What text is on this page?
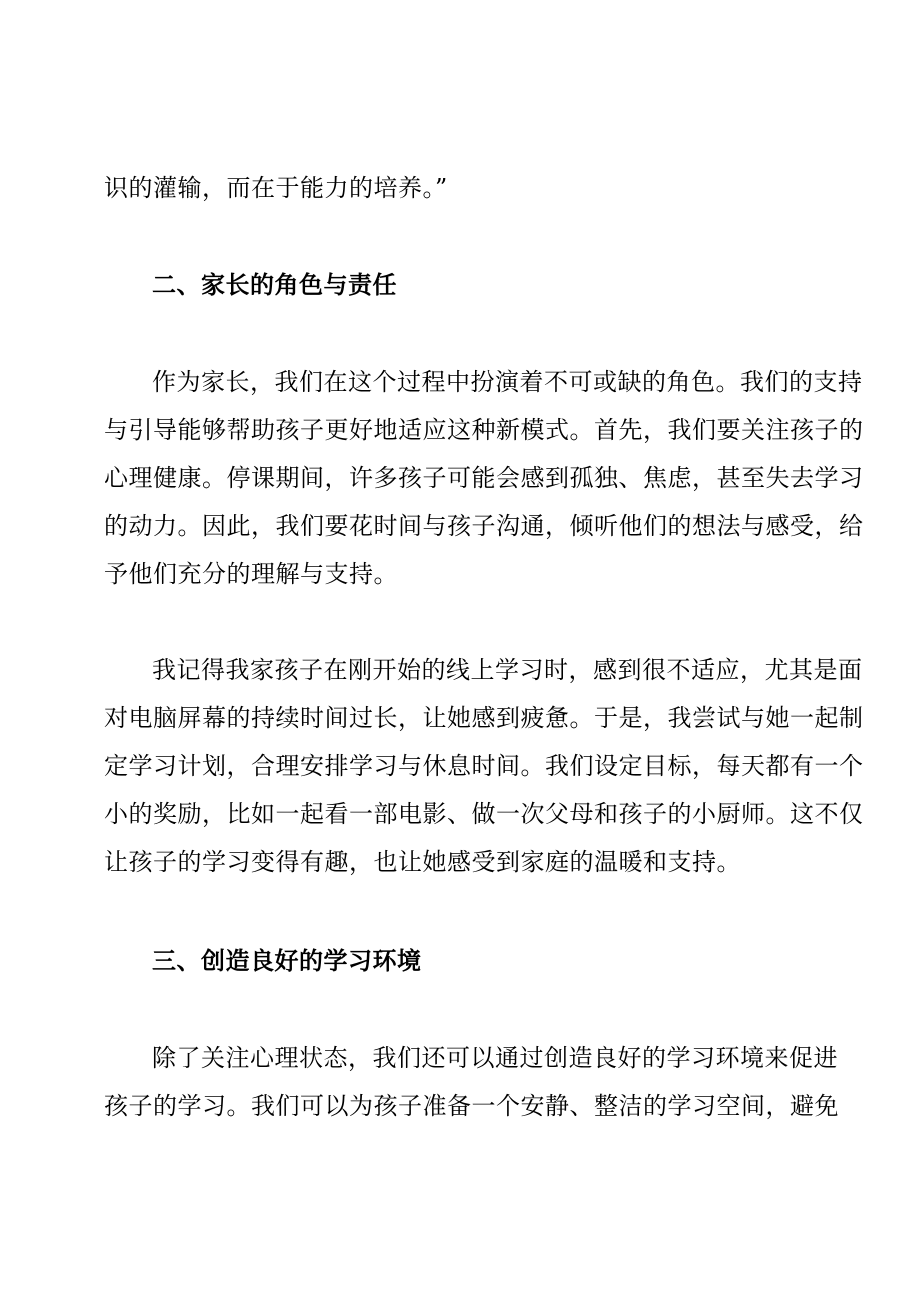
识的灌输，而在于能力的培养。”
二、家长的角色与责任
作为家长，我们在这个过程中扮演着不可或缺的角色。我们的支持
与引导能够帮助孩子更好地适应这种新模式。首先，我们要关注孩子的
心理健康。停课期间，许多孩子可能会感到孤独、焦虑，甚至失去学习
的动力。因此，我们要花时间与孩子沟通，倾听他们的想法与感受，给
予他们充分的理解与支持。
我记得我家孩子在刚开始的线上学习时，感到很不适应，尤其是面
对电脑屏幕的持续时间过长，让她感到疲惫。于是，我尝试与她一起制
定学习计划，合理安排学习与休息时间。我们设定目标，每天都有一个
小的奖励，比如一起看一部电影、做一次父母和孩子的小厨师。这不仅
让孩子的学习变得有趣，也让她感受到家庭的温暖和支持。
三、创造良好的学习环境
除了关注心理状态，我们还可以通过创造良好的学习环境来促进
孩子的学习。我们可以为孩子准备一个安静、整洁的学习空间，避免
